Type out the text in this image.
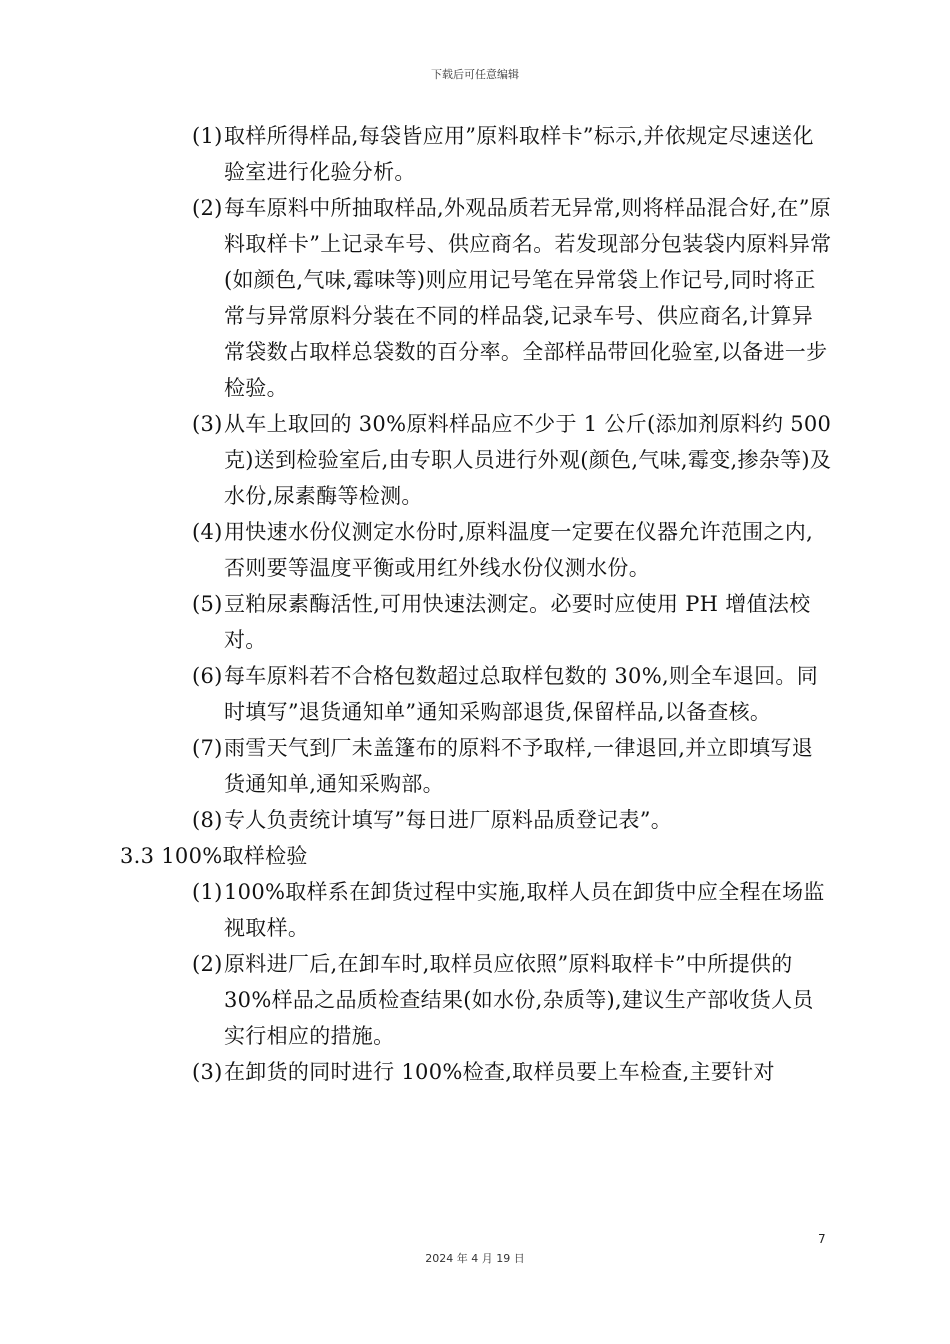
下载后可任意编辑
(1) 取样所得样品,每袋皆应用”原料取样卡”标示,并依规定尽速送化验室进行化验分析。
(2) 每车原料中所抽取样品,外观品质若无异常,则将样品混合好,在”原料取样卡”上记录车号、供应商名。若发现部分包装袋内原料异常(如颜色,气味,霉味等)则应用记号笔在异常袋上作记号,同时将正常与异常原料分装在不同的样品袋,记录车号、供应商名,计算异常袋数占取样总袋数的百分率。全部样品带回化验室,以备进一步检验。
(3) 从车上取回的 30%原料样品应不少于 1 公斤(添加剂原料约 500 克)送到检验室后,由专职人员进行外观(颜色,气味,霉变,掺杂等)及水份,尿素酶等检测。
(4) 用快速水份仪测定水份时,原料温度一定要在仪器允许范围之内,否则要等温度平衡或用红外线水份仪测水份。
(5) 豆粕尿素酶活性,可用快速法测定。必要时应使用 PH 增值法校对。
(6) 每车原料若不合格包数超过总取样包数的 30%,则全车退回。同时填写”退货通知单”通知采购部退货,保留样品,以备查核。
(7) 雨雪天气到厂未盖篷布的原料不予取样,一律退回,并立即填写退货通知单,通知采购部。
(8) 专人负责统计填写”每日进厂原料品质登记表”。
3.3 100%取样检验
(1) 100%取样系在卸货过程中实施,取样人员在卸货中应全程在场监视取样。
(2) 原料进厂后,在卸车时,取样员应依照”原料取样卡”中所提供的 30%样品之品质检查结果(如水份,杂质等),建议生产部收货人员实行相应的措施。
(3) 在卸货的同时进行 100%检查,取样员要上车检查,主要针对
7
2024 年 4 月 19 日
